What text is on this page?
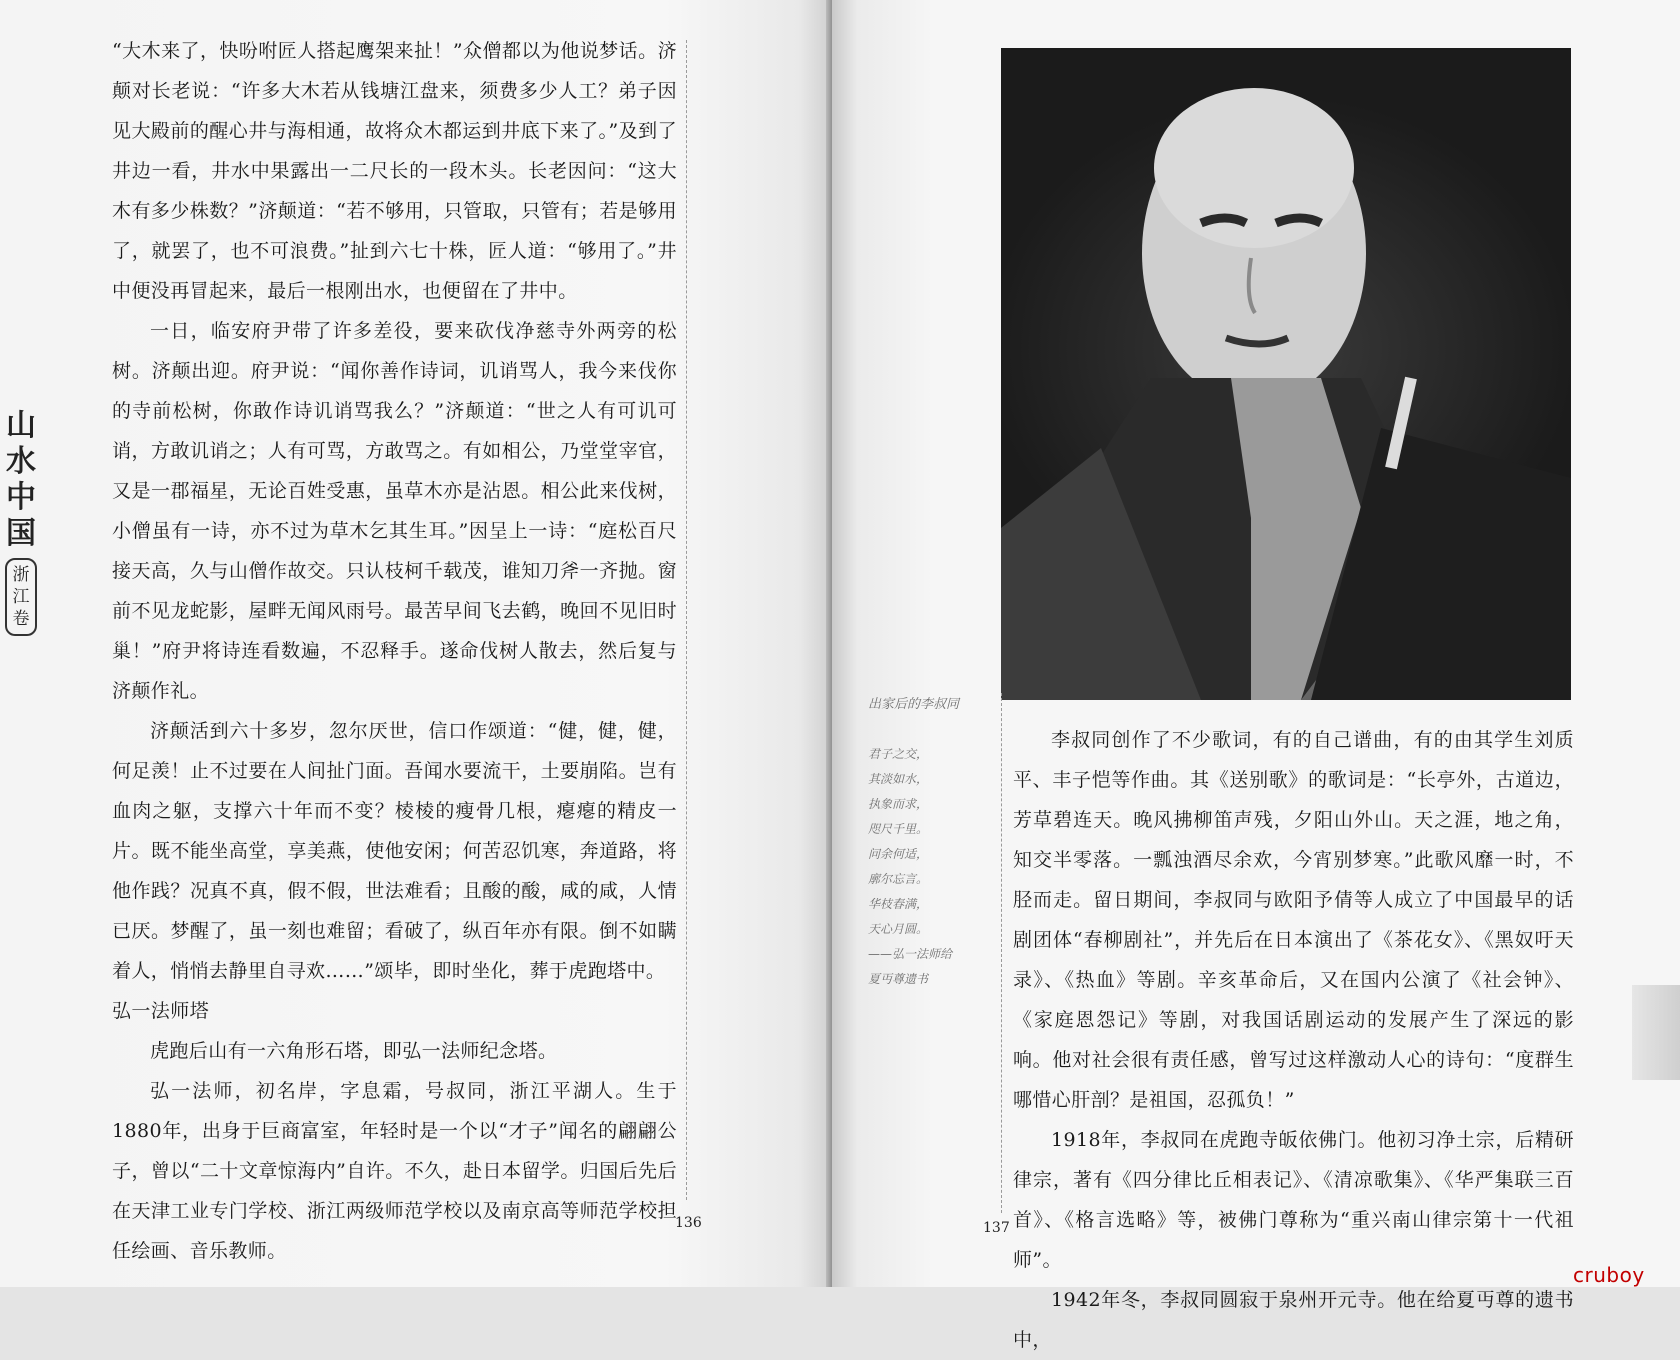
山水中国
浙江卷

“大木来了，快吩咐匠人搭起鹰架来扯！”众僧都以为他说梦话。济颠对长老说：“许多大木若从钱塘江盘来，须费多少人工？弟子因见大殿前的醒心井与海相通，故将众木都运到井底下来了。”及到了井边一看，井水中果露出一二尺长的一段木头。长老因问：“这大木有多少株数？”济颠道：“若不够用，只管取，只管有；若是够用了，就罢了，也不可浪费。”扯到六七十株，匠人道：“够用了。”井中便没再冒起来，最后一根刚出水，也便留在了井中。

一日，临安府尹带了许多差役，要来砍伐净慈寺外两旁的松树。济颠出迎。府尹说：“闻你善作诗词，讥诮骂人，我今来伐你的寺前松树，你敢作诗讥诮骂我么？”济颠道：“世之人有可讥可诮，方敢讥诮之；人有可骂，方敢骂之。有如相公，乃堂堂宰官，又是一郡福星，无论百姓受惠，虽草木亦是沾恩。相公此来伐树，小僧虽有一诗，亦不过为草木乞其生耳。”因呈上一诗：“庭松百尺接天高，久与山僧作故交。只认枝柯千载茂，谁知刀斧一齐抛。窗前不见龙蛇影，屋畔无闻风雨号。最苦早间飞去鹤，晚回不见旧时巢！”府尹将诗连看数遍，不忍释手。遂命伐树人散去，然后复与济颠作礼。

济颠活到六十多岁，忽尔厌世，信口作颂道：“健，健，健，何足羡！止不过要在人间扯门面。吾闻水要流干，土要崩陷。岂有血肉之躯，支撑六十年而不变？棱棱的瘦骨几根，瘪瘪的精皮一片。既不能坐高堂，享美燕，使他安闲；何苦忍饥寒，奔道路，将他作践？况真不真，假不假，世法难看；且酸的酸，咸的咸，人情已厌。梦醒了，虽一刻也难留；看破了，纵百年亦有限。倒不如瞒着人，悄悄去静里自寻欢……”颂毕，即时坐化，葬于虎跑塔中。

弘一法师塔

虎跑后山有一六角形石塔，即弘一法师纪念塔。

弘一法师，初名岸，字息霜，号叔同，浙江平湖人。生于1880年，出身于巨商富室，年轻时是一个以“才子”闻名的翩翩公子，曾以“二十文章惊海内”自许。不久，赴日本留学。归国后先后在天津工业专门学校、浙江两级师范学校以及南京高等师范学校担任绘画、音乐教师。

136

出家后的李叔同

君子之交，

其淡如水，

执象而求，

咫尺千里。

问余何适，

廓尔忘言。

华枝春满，

天心月圆。

——弘一法师给

夏丏尊遗书

李叔同创作了不少歌词，有的自己谱曲，有的由其学生刘质平、丰子恺等作曲。其《送别歌》的歌词是：“长亭外，古道边，芳草碧连天。晚风拂柳笛声残，夕阳山外山。天之涯，地之角，知交半零落。一瓢浊酒尽余欢，今宵别梦寒。”此歌风靡一时，不胫而走。留日期间，李叔同与欧阳予倩等人成立了中国最早的话剧团体“春柳剧社”，并先后在日本演出了《茶花女》、《黑奴吁天录》、《热血》等剧。辛亥革命后，又在国内公演了《社会钟》、《家庭恩怨记》等剧，对我国话剧运动的发展产生了深远的影响。他对社会很有责任感，曾写过这样激动人心的诗句：“度群生哪惜心肝剖？是祖国，忍孤负！”

1918年，李叔同在虎跑寺皈依佛门。他初习净土宗，后精研律宗，著有《四分律比丘相表记》、《清凉歌集》、《华严集联三百首》、《格言选略》等，被佛门尊称为“重兴南山律宗第十一代祖师”。

1942年冬，李叔同圆寂于泉州开元寺。他在给夏丏尊的遗书中，

137
cruboy
